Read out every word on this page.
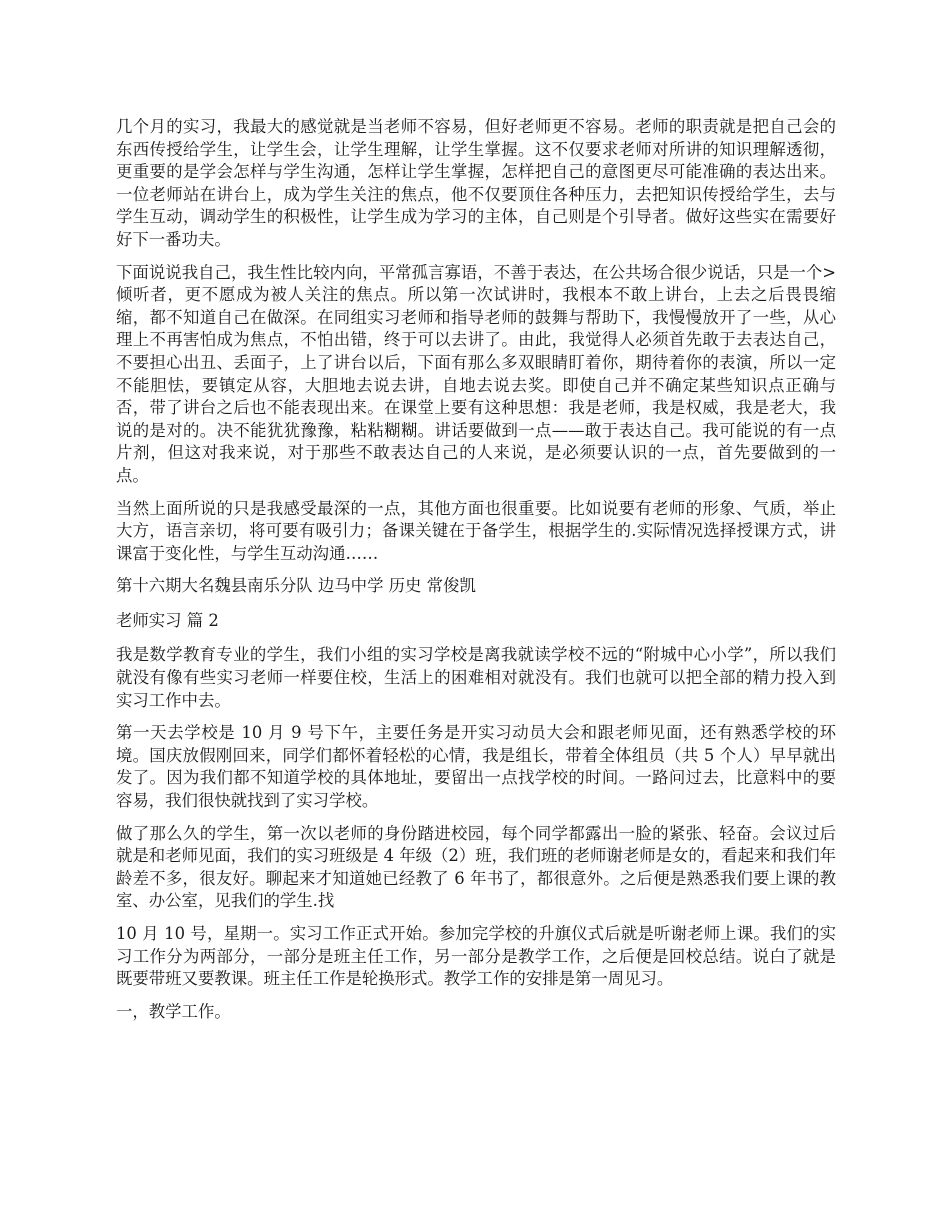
几个月的实习，我最大的感觉就是当老师不容易，但好老师更不容易。老师的职责就是把自己会的东西传授给学生，让学生会，让学生理解，让学生掌握。这不仅要求老师对所讲的知识理解透彻，更重要的是学会怎样与学生沟通，怎样让学生掌握，怎样把自己的意图更尽可能准确的表达出来。一位老师站在讲台上，成为学生关注的焦点，他不仅要顶住各种压力，去把知识传授给学生，去与学生互动，调动学生的积极性，让学生成为学习的主体，自己则是个引导者。做好这些实在需要好好下一番功夫。

下面说说我自己，我生性比较内向，平常孤言寡语，不善于表达，在公共场合很少说话，只是一个>倾听者，更不愿成为被人关注的焦点。所以第一次试讲时，我根本不敢上讲台，上去之后畏畏缩缩，都不知道自己在做深。在同组实习老师和指导老师的鼓舞与帮助下，我慢慢放开了一些，从心理上不再害怕成为焦点，不怕出错，终于可以去讲了。由此，我觉得人必须首先敢于去表达自己，不要担心出丑、丢面子，上了讲台以后，下面有那么多双眼睛盯着你，期待着你的表演，所以一定不能胆怯，要镇定从容，大胆地去说去讲，自地去说去奖。即使自己并不确定某些知识点正确与否，带了讲台之后也不能表现出来。在课堂上要有这种思想：我是老师，我是权威，我是老大，我说的是对的。决不能犹犹豫豫，粘粘糊糊。讲话要做到一点——敢于表达自己。我可能说的有一点片剂，但这对我来说，对于那些不敢表达自己的人来说，是必须要认识的一点，首先要做到的一点。

当然上面所说的只是我感受最深的一点，其他方面也很重要。比如说要有老师的形象、气质，举止大方，语言亲切，将可要有吸引力；备课关键在于备学生，根据学生的.实际情况选择授课方式，讲课富于变化性，与学生互动沟通……

第十六期大名魏县南乐分队 边马中学 历史 常俊凯

老师实习 篇 2

我是数学教育专业的学生，我们小组的实习学校是离我就读学校不远的“附城中心小学”，所以我们就没有像有些实习老师一样要住校，生活上的困难相对就没有。我们也就可以把全部的精力投入到实习工作中去。

第一天去学校是 10 月 9 号下午，主要任务是开实习动员大会和跟老师见面，还有熟悉学校的环境。国庆放假刚回来，同学们都怀着轻松的心情，我是组长，带着全体组员（共 5 个人）早早就出发了。因为我们都不知道学校的具体地址，要留出一点找学校的时间。一路问过去，比意料中的要容易，我们很快就找到了实习学校。

做了那么久的学生，第一次以老师的身份踏进校园，每个同学都露出一脸的紧张、轻奋。会议过后就是和老师见面，我们的实习班级是 4 年级（2）班，我们班的老师谢老师是女的，看起来和我们年龄差不多，很友好。聊起来才知道她已经教了 6 年书了，都很意外。之后便是熟悉我们要上课的教室、办公室，见我们的学生.找

10 月 10 号，星期一。实习工作正式开始。参加完学校的升旗仪式后就是听谢老师上课。我们的实习工作分为两部分，一部分是班主任工作，另一部分是教学工作，之后便是回校总结。说白了就是既要带班又要教课。班主任工作是轮换形式。教学工作的安排是第一周见习。

一，教学工作。
